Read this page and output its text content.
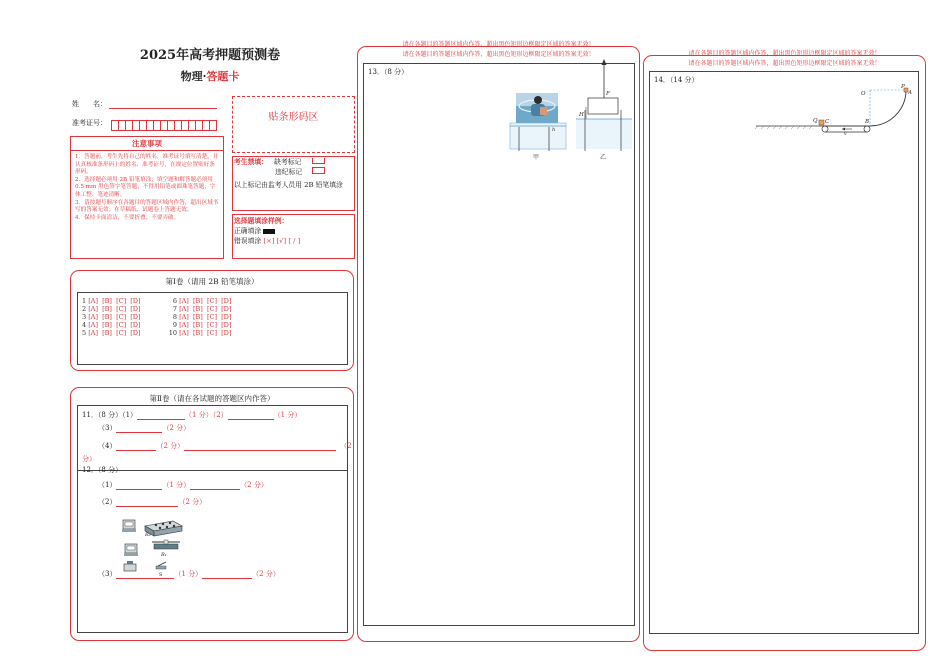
2025年高考押题预测卷
物理·答题卡
姓　　名：
准考证号：	贴条形码区
注意事项
1．答题前，考生先将自己的姓名，准考证号填写清楚，并认真核准条形码上的姓名、准考证号，在规定位置贴好条形码。
2．选择题必须用 2B 铅笔填涂；填空题和解答题必须用 0.5 mm 黑色签字笔答题，不得用铅笔或圆珠笔答题；字体工整、笔迹清晰。
3．请按题号顺序在各题目的答题区域内作答，超出区域书写的答案无效；在草稿纸、试题卷上答题无效。
4．保持卡面清洁，不要折叠、不要弄破。
考生禁填： 缺考标记
违纪标记
以上标记由监考人员用 2B 铅笔填涂
选择题填涂样例：
正确填涂
错误填涂 [×] [√] [ / ]
第Ⅰ卷（请用 2B 铅笔填涂）
1 [A]  [B]  [C]  [D]
2 [A]  [B]  [C]  [D]
3 [A]  [B]  [C]  [D]
4 [A]  [B]  [C]  [D]
5 [A]  [B]  [C]  [D]
6 [A]  [B]  [C]  [D]
7 [A]  [B]  [C]  [D]
8 [A]  [B]  [C]  [D]
9 [A]  [B]  [C]  [D]
10 [A]  [B]  [C]  [D]
第Ⅱ卷（请在各试题的答题区内作答）
11．（8 分）（1）	（1 分）（2）	（1 分）
（3）	（2 分）
（4）	（2 分）	（2
分）
12．（8 分）
（1）	（1 分）	（2 分）
（2）	（2 分）
R₀
R₁
S
（3）	（1 分）	（2 分）
请在各题目的答题区域内作答，超出黑色矩形边框限定区域的答案无效！
请在各题目的答题区域内作答，超出黑色矩形边框限定区域的答案无效！
13．（8 分）
h
甲
F
H
乙
请在各题目的答题区域内作答，超出黑色矩形边框限定区域的答案无效！
请在各题目的答题区域内作答，超出黑色矩形边框限定区域的答案无效！
14．（14 分）
O	A
P
Q C	B
v
